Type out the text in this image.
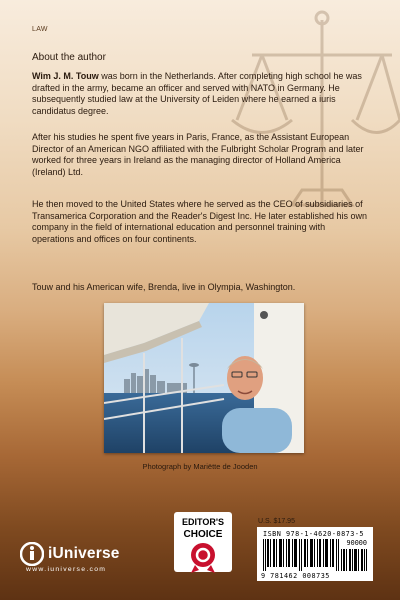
LAW
About the author

Wim J. M. Touw was born in the Netherlands. After completing high school he was drafted in the army, became an officer and served with NATO in Germany. He subsequently studied law at the University of Leiden where he earned a iuris candidatus degree.

After his studies he spent five years in Paris, France, as the Assistant European Director of an American NGO affiliated with the Fulbright Scholar Program and later worked for three years in Ireland as the managing director of Holland America (Ireland) Ltd.

He then moved to the United States where he served as the CEO of subsidiaries of Transamerica Corporation and the Reader's Digest Inc. He later established his own company in the field of international education and personnel training with operations and offices on four continents.

Touw and his American wife, Brenda, live in Olympia, Washington.

Photograph by Mariëtte de Jooden
EDITOR'S
CHOICE
U.S. $17.95
ISBN 978-1-4620-0873-5
90000
9 781462 008735
iUniverse
www.iuniverse.com
